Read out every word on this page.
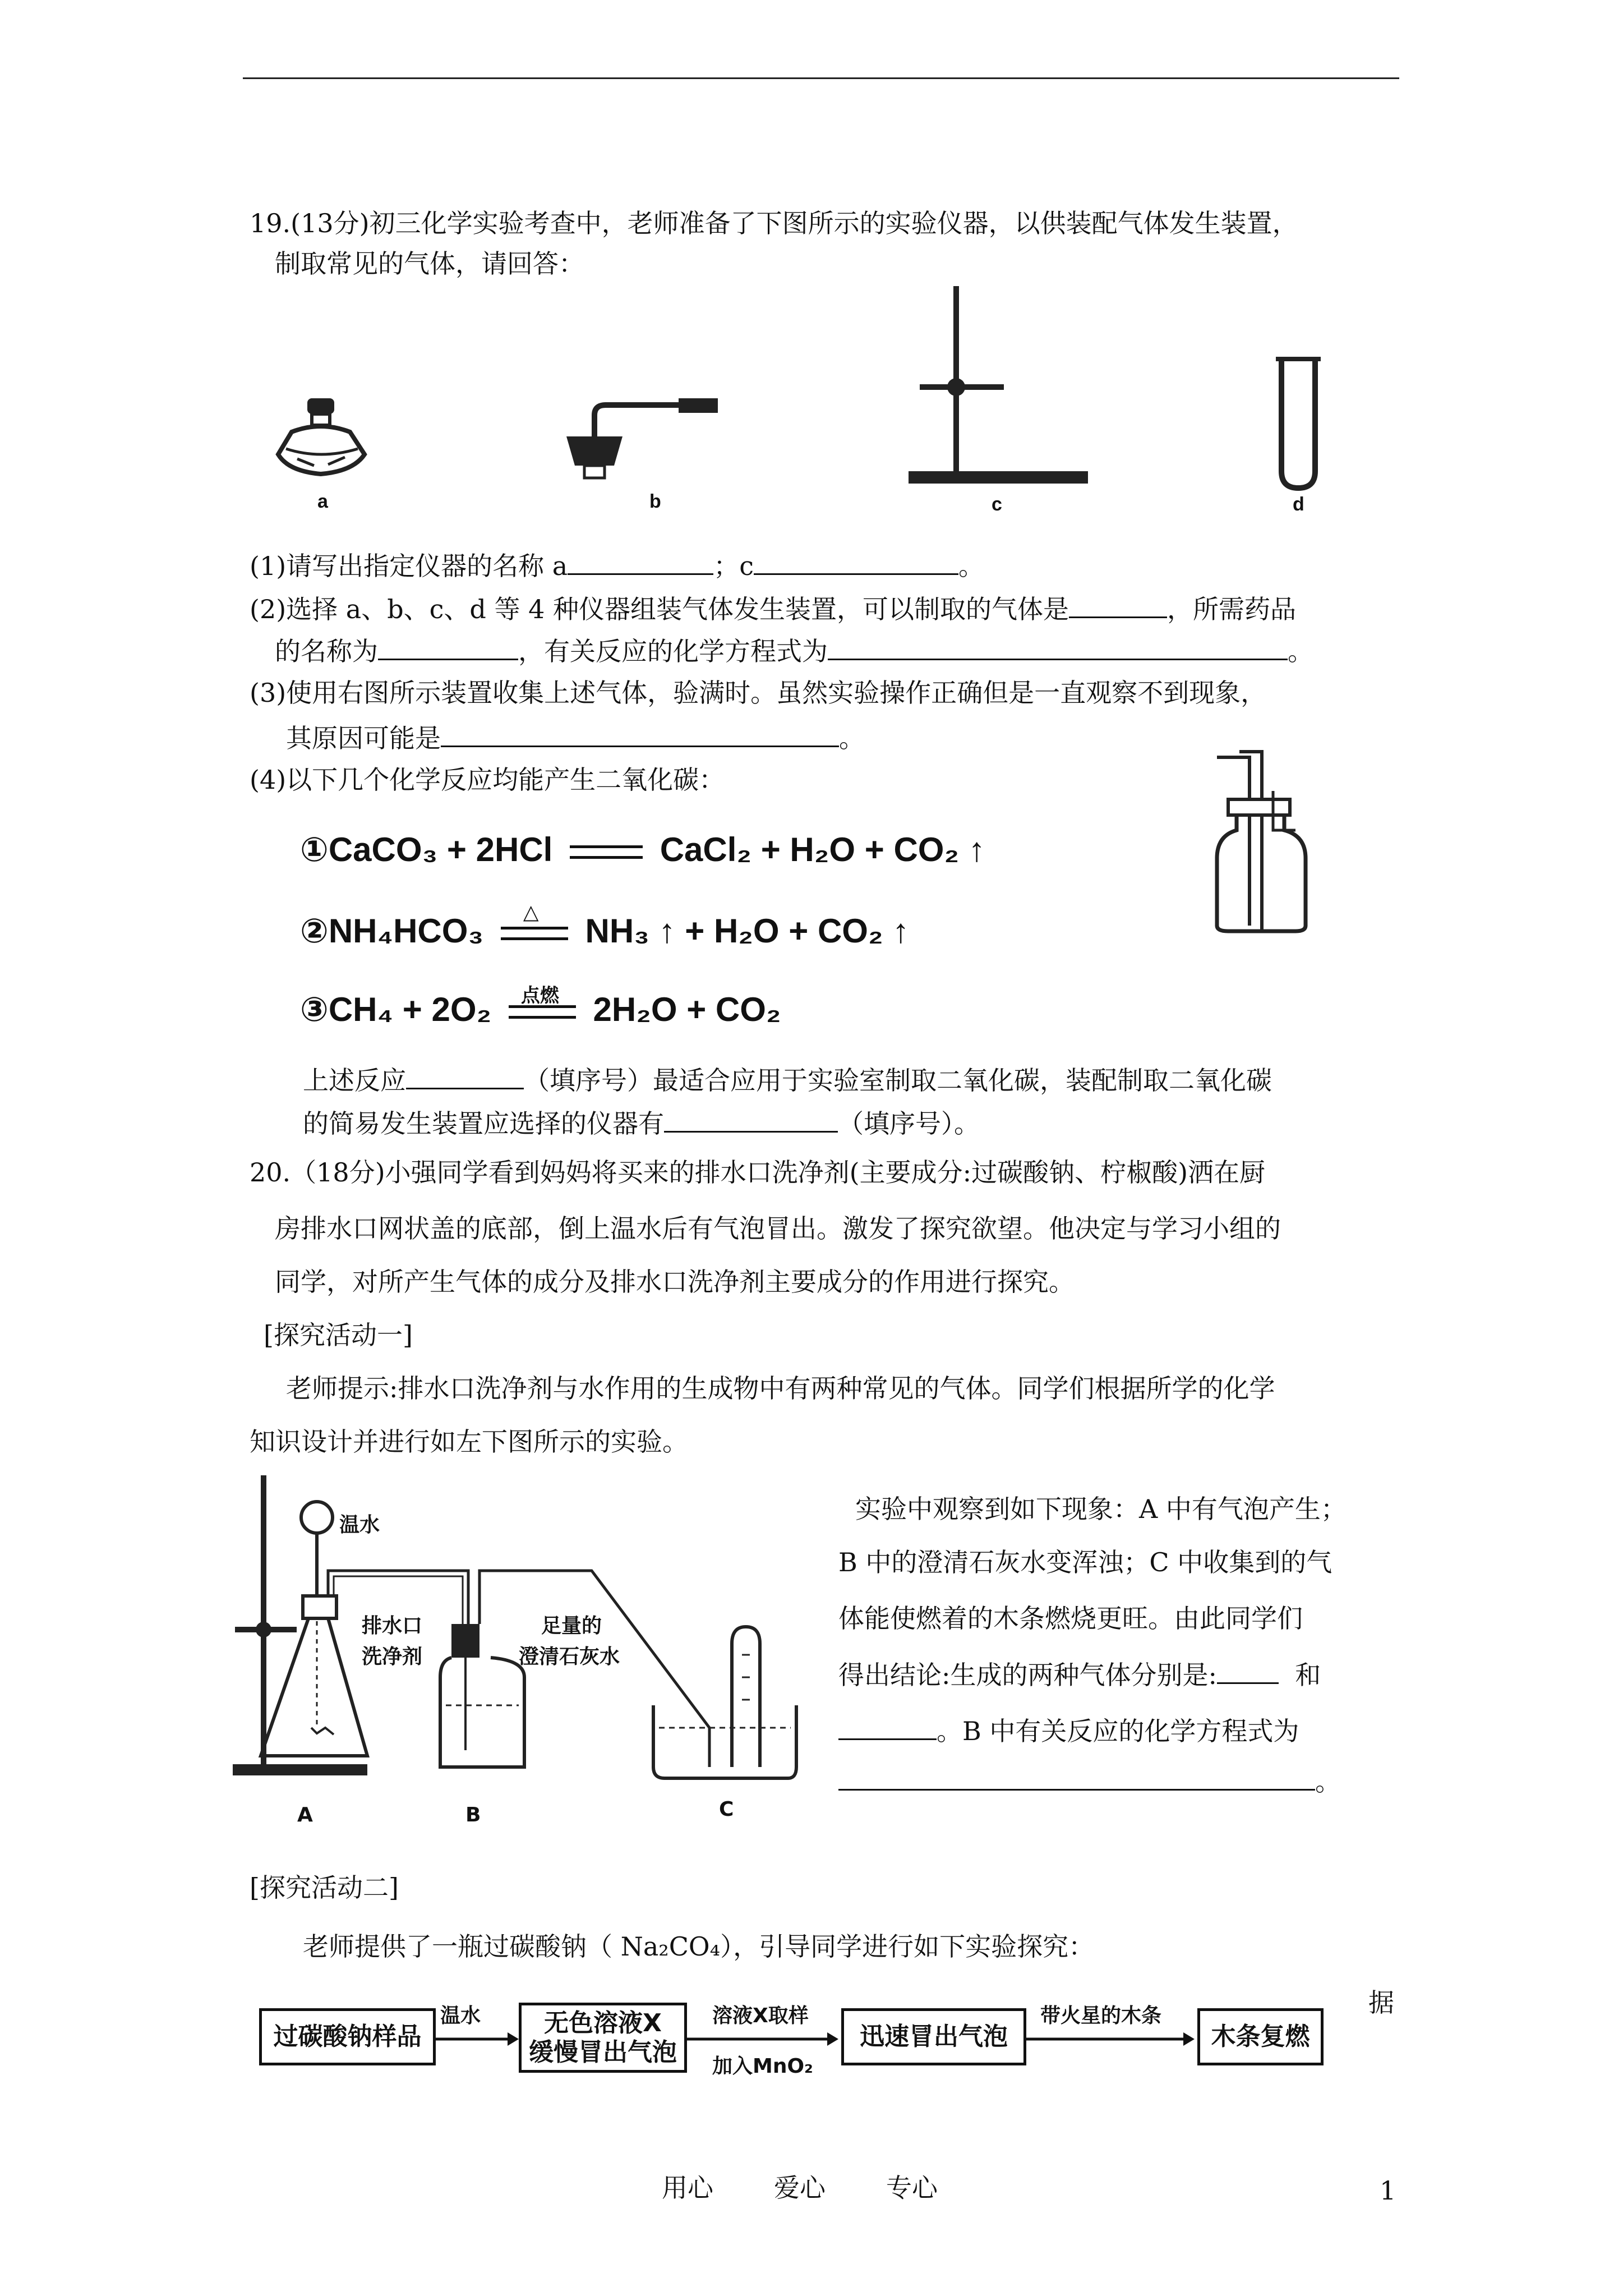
19.(13分)初三化学实验考查中，老师准备了下图所示的实验仪器，以供装配气体发生装置，
制取常见的气体，请回答：
a	b	c	d
(1)请写出指定仪器的名称 a	；c	。
(2)选择 a、b、c、d 等 4 种仪器组装气体发生装置，可以制取的气体是	，所需药品
的名称为	，有关反应的化学方程式为	。
(3)使用右图所示装置收集上述气体，验满时。虽然实验操作正确但是一直观察不到现象，
其原因可能是	。
(4)以下几个化学反应均能产生二氧化碳：
①CaCO₃ + 2HCl	CaCl₂ + H₂O + CO₂ ↑
②NH₄HCO₃
△
NH₃ ↑ + H₂O + CO₂ ↑
③CH₄ + 2O₂ 点燃 2H₂O + CO₂
上述反应	（填序号）最适合应用于实验室制取二氧化碳，装配制取二氧化碳
的简易发生装置应选择的仪器有	（填序号）。
20.（18分)小强同学看到妈妈将买来的排水口洗净剂(主要成分:过碳酸钠、柠椒酸)洒在厨
房排水口网状盖的底部，倒上温水后有气泡冒出。激发了探究欲望。他决定与学习小组的
同学，对所产生气体的成分及排水口洗净剂主要成分的作用进行探究。
[探究活动一]
老师提示:排水口洗净剂与水作用的生成物中有两种常见的气体。同学们根据所学的化学
知识设计并进行如左下图所示的实验。
温水
排水口
洗净剂
足量的
澄清石灰水
A	B	C
实验中观察到如下现象：A 中有气泡产生；
B 中的澄清石灰水变浑浊；C 中收集到的气
体能使燃着的木条燃烧更旺。由此同学们
得出结论:生成的两种气体分别是:	和
。B 中有关反应的化学方程式为
。
[探究活动二]
老师提供了一瓶过碳酸钠（ Na₂CO₄），引导同学进行如下实验探究：
过碳酸钠样品
温水	无色溶液X
缓慢冒出气泡
溶液X取样
加入MnO₂
迅速冒出气泡
带火星的木条
木条复燃
据
用心 爱心 专心	1
